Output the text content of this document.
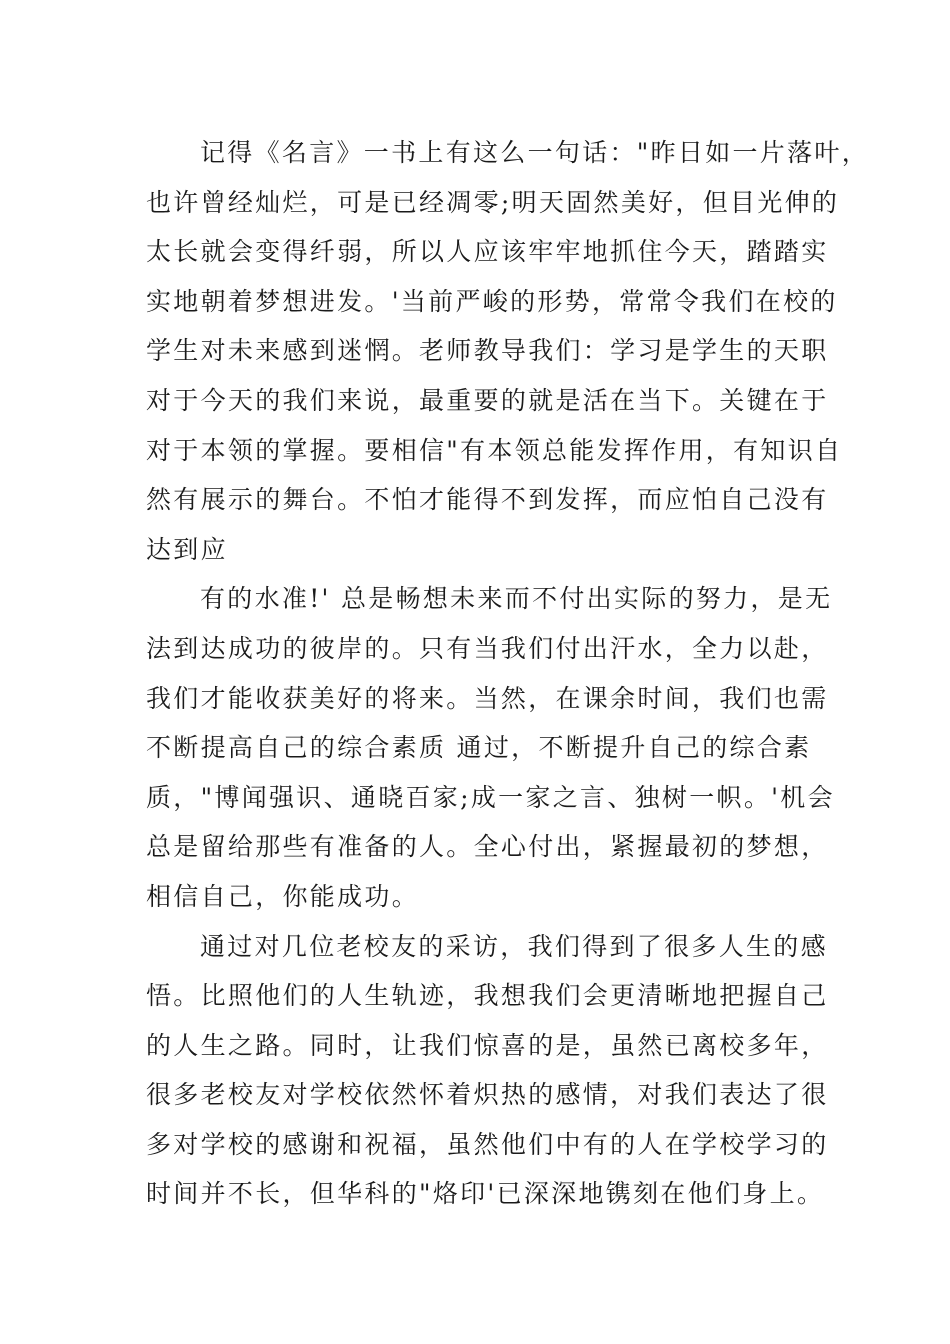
记得《名言》一书上有这么一句话："昨日如一片落叶，
也许曾经灿烂，可是已经凋零;明天固然美好，但目光伸的
太长就会变得纤弱，所以人应该牢牢地抓住今天，踏踏实
实地朝着梦想进发。'当前严峻的形势，常常令我们在校的
学生对未来感到迷惘。老师教导我们：学习是学生的天职
对于今天的我们来说，最重要的就是活在当下。关键在于
对于本领的掌握。要相信"有本领总能发挥作用，有知识自
然有展示的舞台。不怕才能得不到发挥，而应怕自己没有
达到应
有的水准!' 总是畅想未来而不付出实际的努力，是无
法到达成功的彼岸的。只有当我们付出汗水，全力以赴，
我们才能收获美好的将来。当然，在课余时间，我们也需
不断提高自己的综合素质 通过，不断提升自己的综合素
质，"博闻强识、通晓百家;成一家之言、独树一帜。'机会
总是留给那些有准备的人。全心付出，紧握最初的梦想，
相信自己，你能成功。
通过对几位老校友的采访，我们得到了很多人生的感
悟。比照他们的人生轨迹，我想我们会更清晰地把握自己
的人生之路。同时，让我们惊喜的是，虽然已离校多年，
很多老校友对学校依然怀着炽热的感情，对我们表达了很
多对学校的感谢和祝福，虽然他们中有的人在学校学习的
时间并不长，但华科的"烙印'已深深地镌刻在他们身上。
